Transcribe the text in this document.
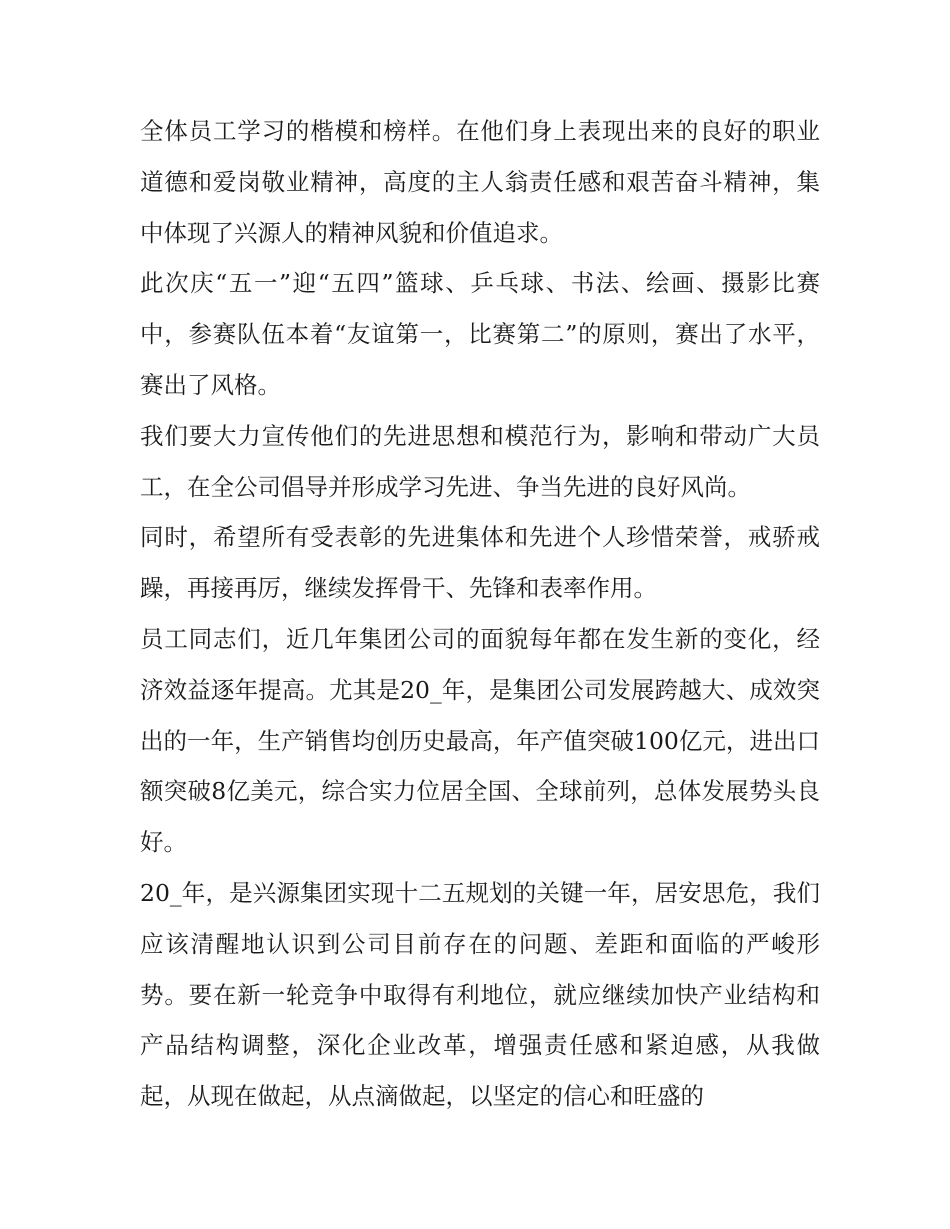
全体员工学习的楷模和榜样。在他们身上表现出来的良好的职业道德和爱岗敬业精神，高度的主人翁责任感和艰苦奋斗精神，集中体现了兴源人的精神风貌和价值追求。

此次庆“五一”迎“五四”篮球、乒乓球、书法、绘画、摄影比赛中，参赛队伍本着“友谊第一，比赛第二”的原则，赛出了水平，赛出了风格。

我们要大力宣传他们的先进思想和模范行为，影响和带动广大员工，在全公司倡导并形成学习先进、争当先进的良好风尚。

同时，希望所有受表彰的先进集体和先进个人珍惜荣誉，戒骄戒躁，再接再厉，继续发挥骨干、先锋和表率作用。

员工同志们，近几年集团公司的面貌每年都在发生新的变化，经济效益逐年提高。尤其是20_年，是集团公司发展跨越大、成效突出的一年，生产销售均创历史最高，年产值突破100亿元，进出口额突破8亿美元，综合实力位居全国、全球前列，总体发展势头良好。

20_年，是兴源集团实现十二五规划的关键一年，居安思危，我们应该清醒地认识到公司目前存在的问题、差距和面临的严峻形势。要在新一轮竞争中取得有利地位，就应继续加快产业结构和产品结构调整，深化企业改革，增强责任感和紧迫感，从我做起，从现在做起，从点滴做起，以坚定的信心和旺盛的
